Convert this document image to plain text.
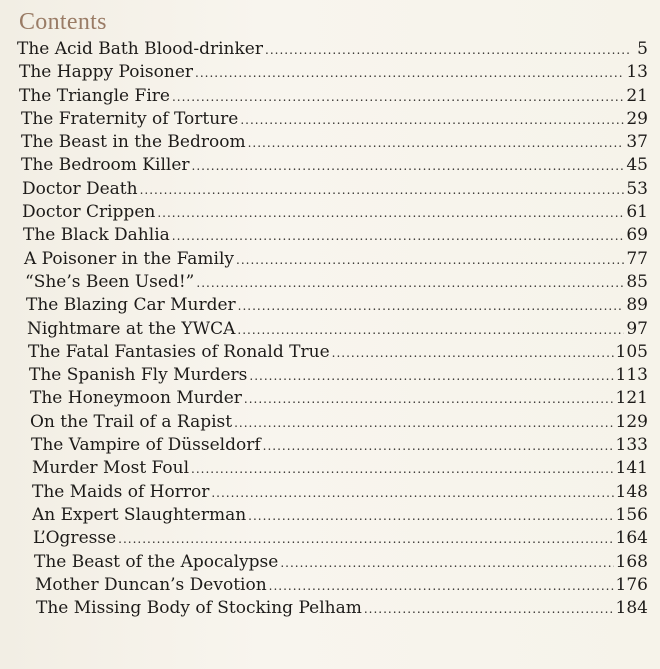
Contents
The Acid Bath Blood-drinker .....	5
The Happy Poisoner .....	13
The Triangle Fire .....	21
The Fraternity of Torture .....	29
The Beast in the Bedroom .....	37
The Bedroom Killer .....	45
Doctor Death .....	53
Doctor Crippen .....	61
The Black Dahlia .....	69
A Poisoner in the Family .....	77
“She’s Been Used!” .....	85
The Blazing Car Murder .....	89
Nightmare at the YWCA .....	97
The Fatal Fantasies of Ronald True .....	105
The Spanish Fly Murders .....	113
The Honeymoon Murder .....	121
On the Trail of a Rapist .....	129
The Vampire of Düsseldorf .....	133
Murder Most Foul .....	141
The Maids of Horror .....	148
An Expert Slaughterman .....	156
L’Ogresse .....	164
The Beast of the Apocalypse .....	168
Mother Duncan’s Devotion .....	176
The Missing Body of Stocking Pelham .....	184
